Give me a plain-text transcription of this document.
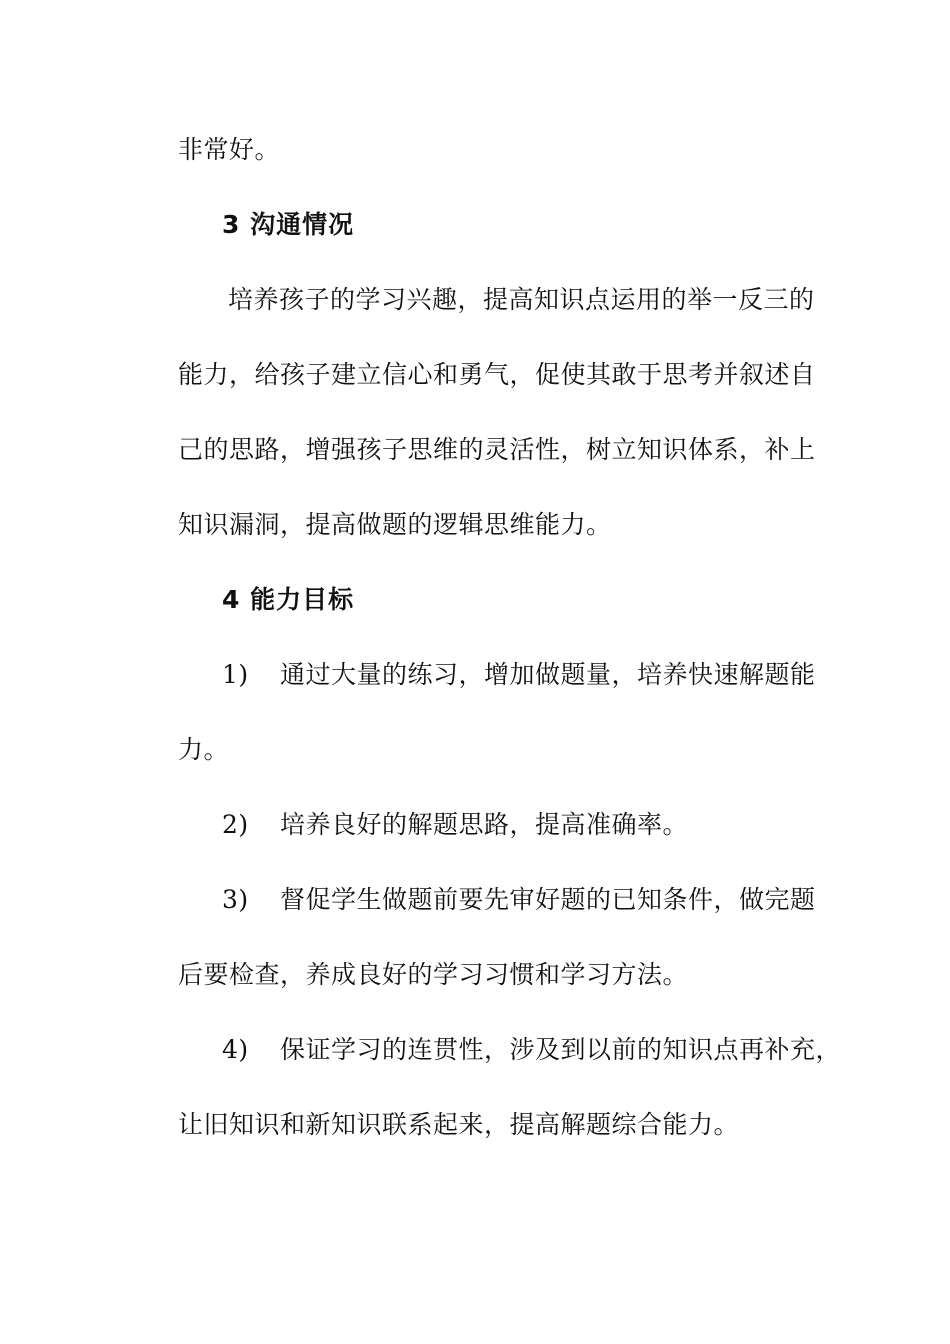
非常好。
3 沟通情况
培养孩子的学习兴趣，提高知识点运用的举一反三的
能力，给孩子建立信心和勇气，促使其敢于思考并叙述自
己的思路，增强孩子思维的灵活性，树立知识体系，补上
知识漏洞，提高做题的逻辑思维能力。
4 能力目标
1) 通过大量的练习，增加做题量，培养快速解题能
力。
2) 培养良好的解题思路，提高准确率。
3) 督促学生做题前要先审好题的已知条件，做完题
后要检查，养成良好的学习习惯和学习方法。
4) 保证学习的连贯性，涉及到以前的知识点再补充，
让旧知识和新知识联系起来，提高解题综合能力。
